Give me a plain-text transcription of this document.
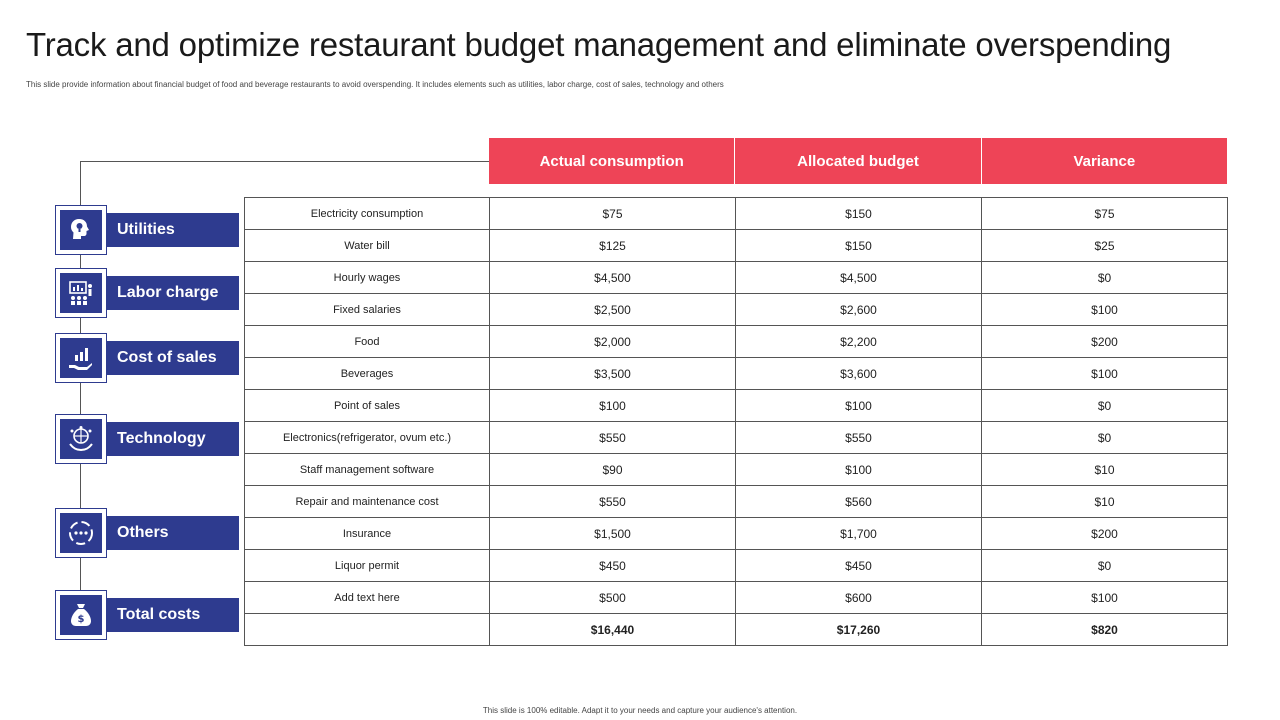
Track and optimize restaurant budget management and eliminate overspending
This slide provide information about financial budget of food and beverage restaurants to avoid overspending. It includes elements such as utilities, labor charge, cost of sales, technology and others
Utilities
Labor charge
Cost of sales
Technology
Others
$	Total costs
Actual consumption	Allocated budget	Variance
Electricity consumption	$75	$150	$75
Water bill	$125	$150	$25
Hourly wages	$4,500	$4,500	$0
Fixed salaries	$2,500	$2,600	$100
Food	$2,000	$2,200	$200
Beverages	$3,500	$3,600	$100
Point of sales	$100	$100	$0
Electronics(refrigerator, ovum etc.)	$550	$550	$0
Staff management software	$90	$100	$10
Repair and maintenance cost	$550	$560	$10
Insurance	$1,500	$1,700	$200
Liquor permit	$450	$450	$0
Add text here	$500	$600	$100
	$16,440	$17,260	$820
This slide is 100% editable. Adapt it to your needs and capture your audience's attention.
